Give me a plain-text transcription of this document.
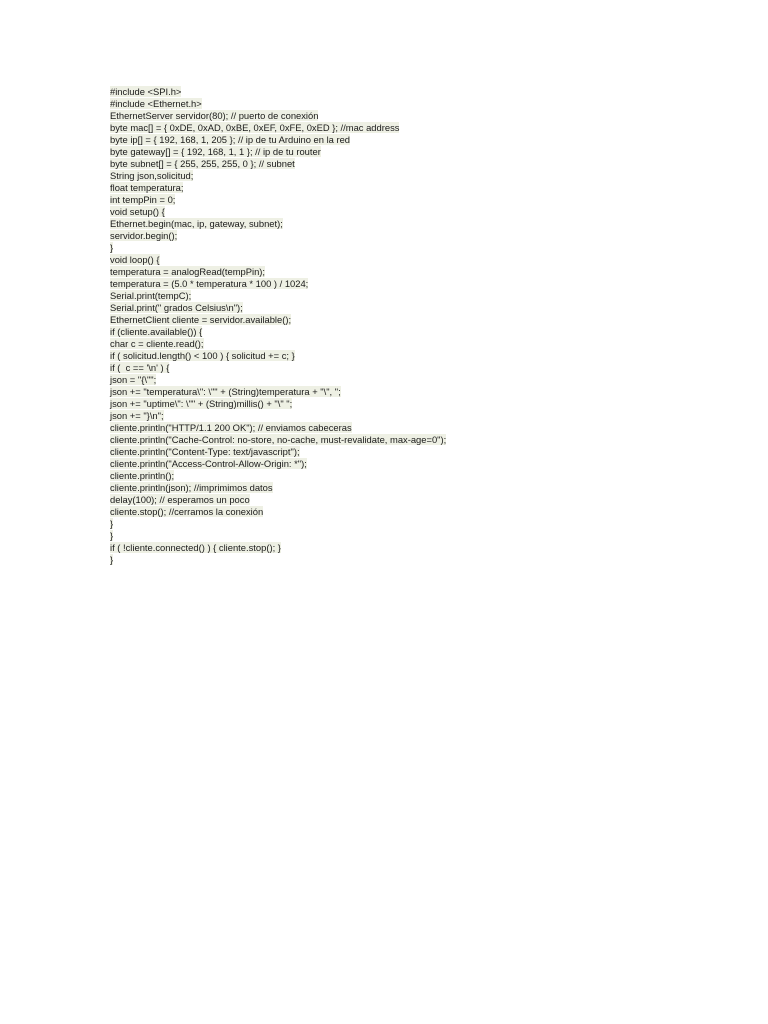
#include <SPI.h>
#include <Ethernet.h>
EthernetServer servidor(80); // puerto de conexión
byte mac[] = { 0xDE, 0xAD, 0xBE, 0xEF, 0xFE, 0xED }; //mac address
byte ip[] = { 192, 168, 1, 205 }; // ip de tu Arduino en la red
byte gateway[] = { 192, 168, 1, 1 }; // ip de tu router
byte subnet[] = { 255, 255, 255, 0 }; // subnet
String json,solicitud;
float temperatura;
int tempPin = 0;
void setup() {
Ethernet.begin(mac, ip, gateway, subnet);
servidor.begin();
}
void loop() {
temperatura = analogRead(tempPin);
temperatura = (5.0 * temperatura * 100 ) / 1024;
Serial.print(tempC);
Serial.print(" grados Celsius\n");
EthernetClient cliente = servidor.available();
if (cliente.available()) {
char c = cliente.read();
if ( solicitud.length() < 100 ) { solicitud += c; }
if (  c == '\n' ) {
json = "{\"";
json += "temperatura\": \"" + (String)temperatura + "\", ";
json += "uptime\": \"" + (String)millis() + "\" ";
json += "}\n";
cliente.println("HTTP/1.1 200 OK"); // enviamos cabeceras
cliente.println("Cache-Control: no-store, no-cache, must-revalidate, max-age=0");
cliente.println("Content-Type: text/javascript");
cliente.println("Access-Control-Allow-Origin: *");
cliente.println();
cliente.println(json); //imprimimos datos
delay(100); // esperamos un poco
cliente.stop(); //cerramos la conexión
}
}
if ( !cliente.connected() ) { cliente.stop(); }
}
